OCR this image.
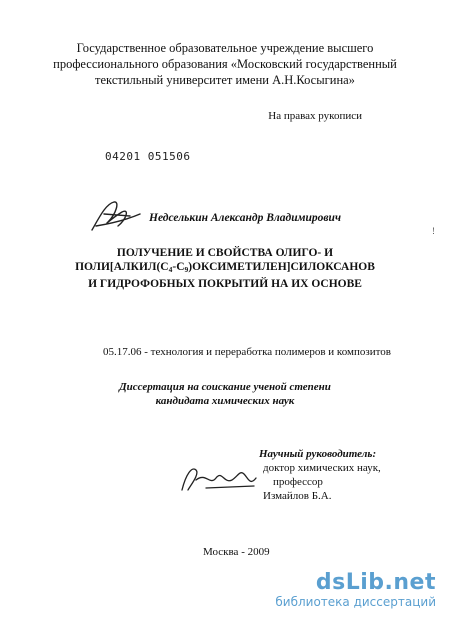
Государственное образовательное учреждение высшего
профессионального образования «Московский государственный
текстильный университет имени А.Н.Косыгина»
На правах рукописи
04201 051506
Недселькин Александр Владимирович
!
ПОЛУЧЕНИЕ И СВОЙСТВА ОЛИГО- И
$ПОЛИ[АЛКИЛ(С_4-С_9)ОКСИМЕТИЛЕН]СИЛОКСАНОВ$
И ГИДРОФОБНЫХ ПОКРЫТИЙ НА ИХ ОСНОВЕ
05.17.06 - технология и переработка полимеров и композитов
Диссертация на соискание ученой степени
кандидата химических наук
Научный руководитель:
доктор химических наук,
профессор
Измайлов Б.А.
Москва - 2009
dsLib.net
библиотека диссертаций
